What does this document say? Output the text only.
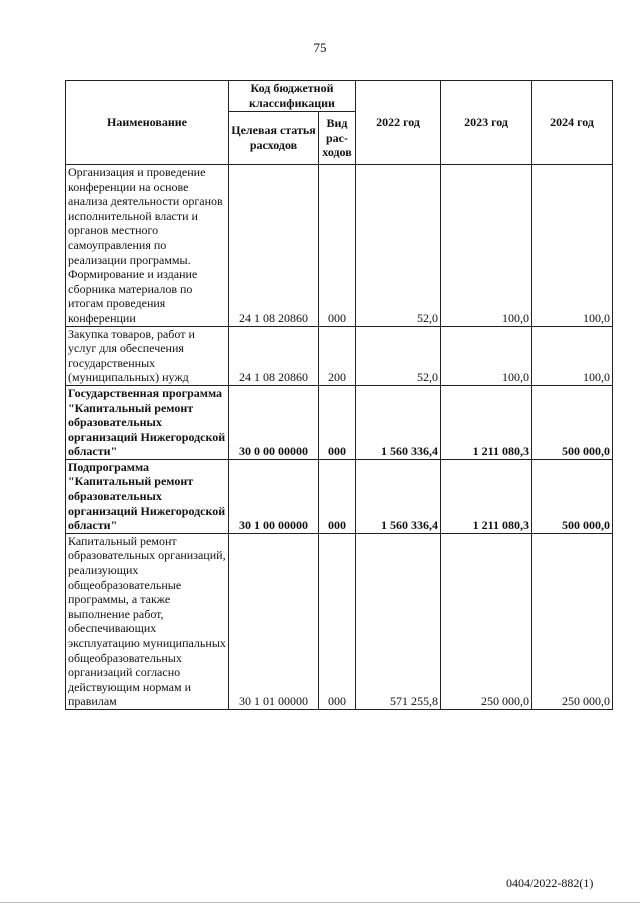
75
Наименование	Код бюджетной классификации		2022 год	2023 год	2024 год
	Целевая статья расходов	Вид рас-ходов			
Организация и проведение конференции на основе анализа деятельности органов исполнительной власти и органов местного самоуправления по реализации программы. Формирование и издание сборника материалов по итогам проведения конференции	24 1 08 20860	000	52,0	100,0	100,0
Закупка товаров, работ и услуг для обеспечения государственных (муниципальных) нужд	24 1 08 20860	200	52,0	100,0	100,0
Государственная программа "Капитальный ремонт образовательных организаций Нижегородской области"	30 0 00 00000	000	1 560 336,4	1 211 080,3	500 000,0
Подпрограмма "Капитальный ремонт образовательных организаций Нижегородской области"	30 1 00 00000	000	1 560 336,4	1 211 080,3	500 000,0
Капитальный ремонт образовательных организаций, реализующих общеобразовательные программы, а также выполнение работ, обеспечивающих эксплуатацию муниципальных общеобразовательных организаций согласно действующим нормам и правилам	30 1 01 00000	000	571 255,8	250 000,0	250 000,0
0404/2022-882(1)
